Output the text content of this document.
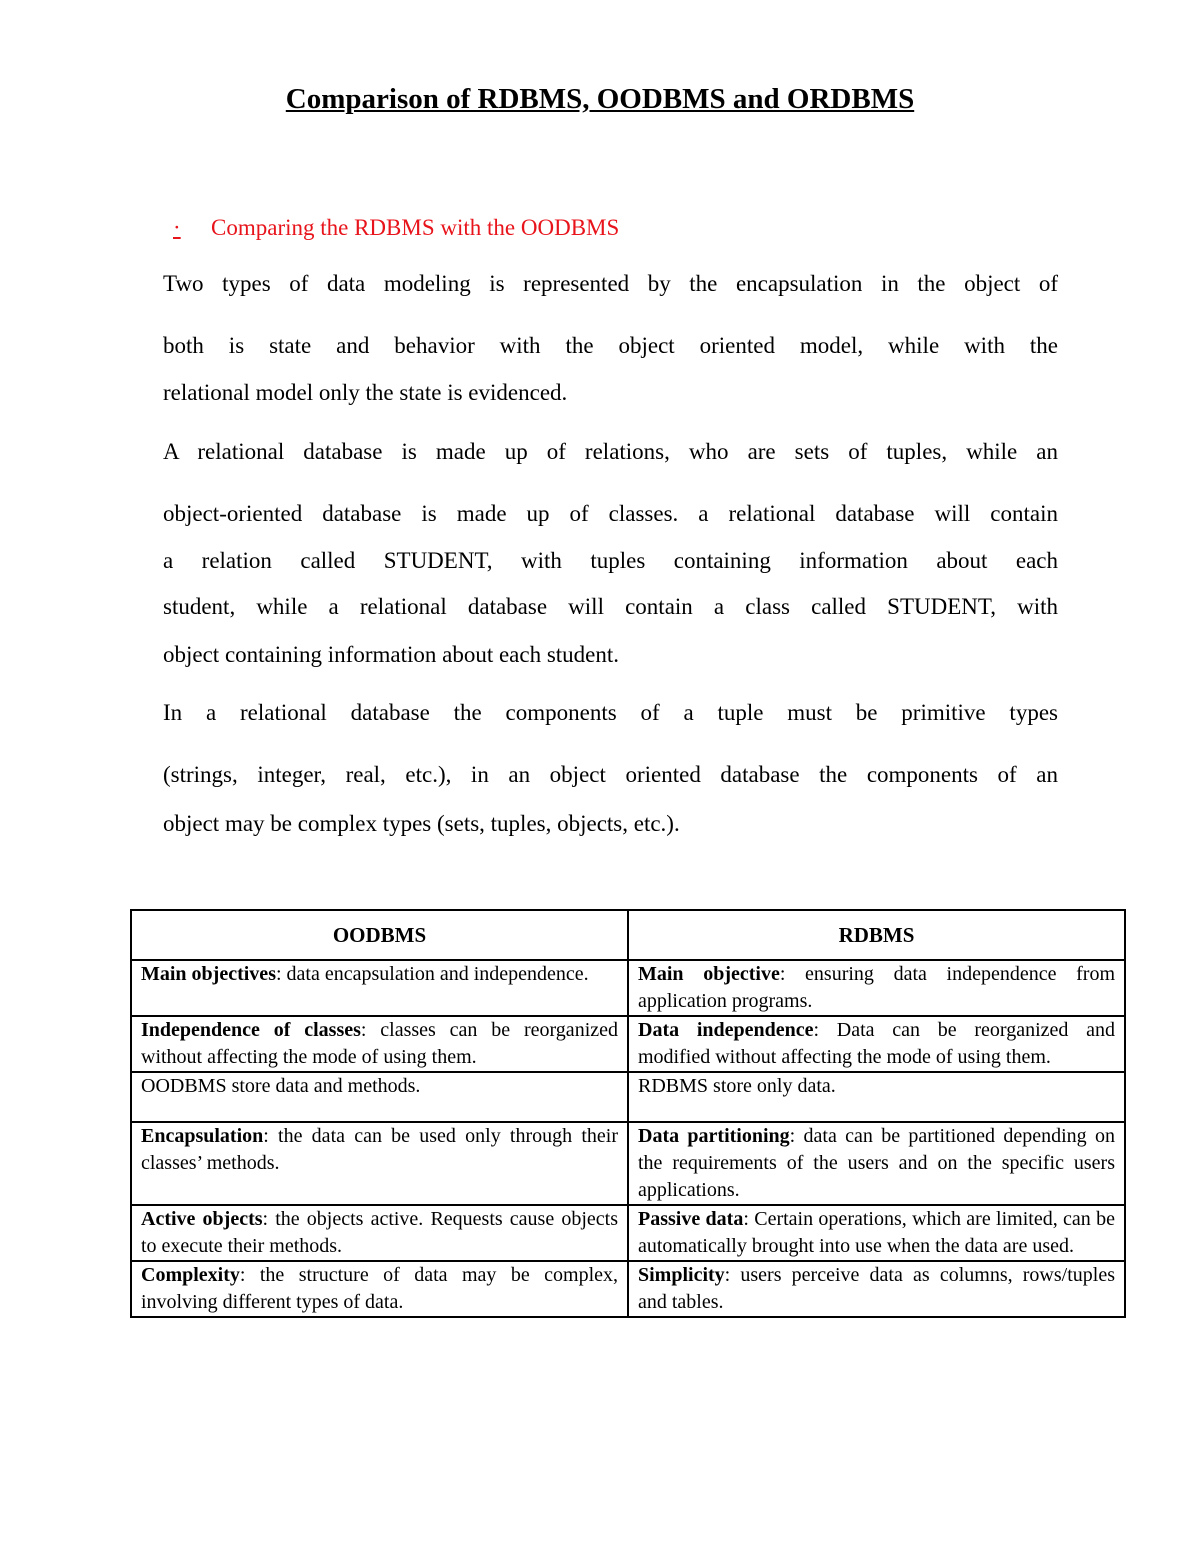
Comparison of RDBMS, OODBMS and ORDBMS
· Comparing the RDBMS with the OODBMS
Two types of data modeling is represented by the encapsulation in the object of
both is state and behavior with the object oriented model, while with the
relational model only the state is evidenced.
A relational database is made up of relations, who are sets of tuples, while an
object-oriented database is made up of classes. a relational database will contain
a relation called STUDENT, with tuples containing information about each
student, while a relational database will contain a class called STUDENT, with
object containing information about each student.
In a relational database the components of a tuple must be primitive types
(strings, integer, real, etc.), in an object oriented database the components of an
object may be complex types (sets, tuples, objects, etc.).
OODBMS	RDBMS
Main objectives: data encapsulation and independence.	Main objective: ensuring data independence from application programs.
Independence of classes: classes can be reorganized without affecting the mode of using them.	Data independence: Data can be reorganized and modified without affecting the mode of using them.
OODBMS store data and methods.	RDBMS store only data.
Encapsulation: the data can be used only through their classes’ methods.	Data partitioning: data can be partitioned depending on the requirements of the users and on the specific users applications.
Active objects: the objects active. Requests cause objects to execute their methods.	Passive data: Certain operations, which are limited, can be automatically brought into use when the data are used.
Complexity: the structure of data may be complex, involving different types of data.	Simplicity: users perceive data as columns, rows/tuples and tables.
